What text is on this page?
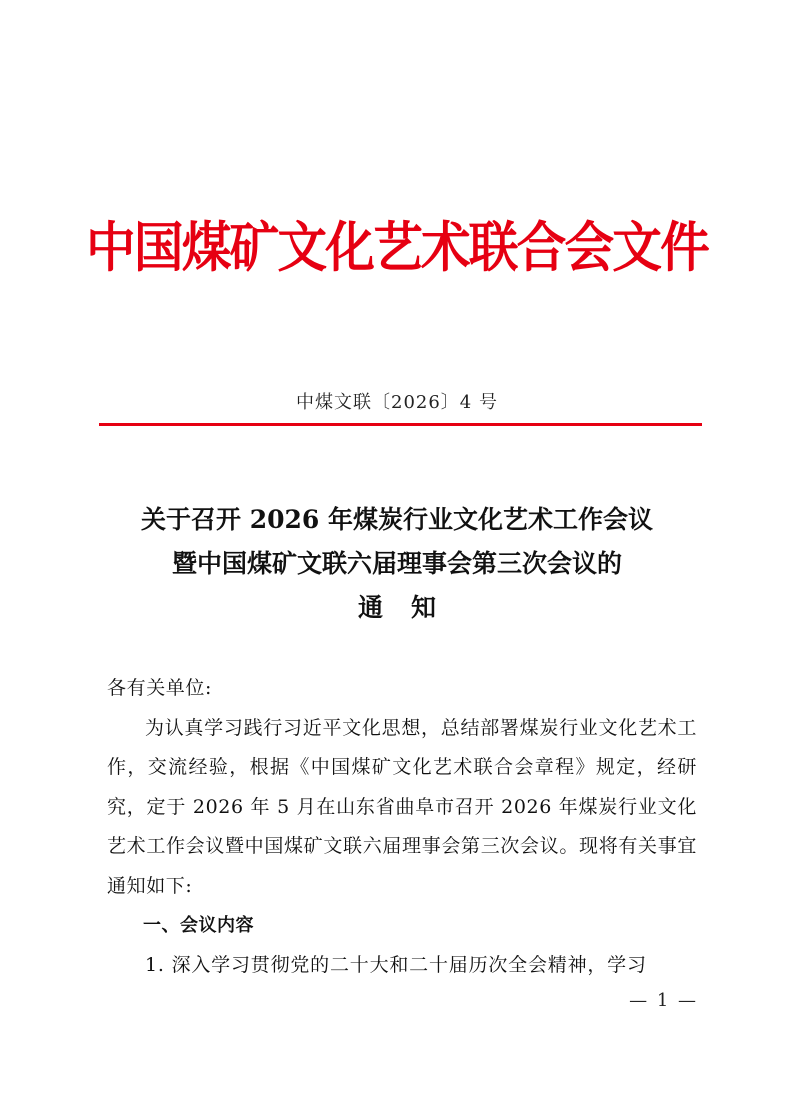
中国煤矿文化艺术联合会文件
中煤文联〔2026〕4 号
关于召开 2026 年煤炭行业文化艺术工作会议
暨中国煤矿文联六届理事会第三次会议的
通知
各有关单位:
为认真学习践行习近平文化思想，总结部署煤炭行业文化艺术工作，交流经验，根据《中国煤矿文化艺术联合会章程》规定，经研究，定于 2026 年 5 月在山东省曲阜市召开 2026 年煤炭行业文化艺术工作会议暨中国煤矿文联六届理事会第三次会议。现将有关事宜通知如下:
一、会议内容
1. 深入学习贯彻党的二十大和二十届历次全会精神，学习
— 1 —
